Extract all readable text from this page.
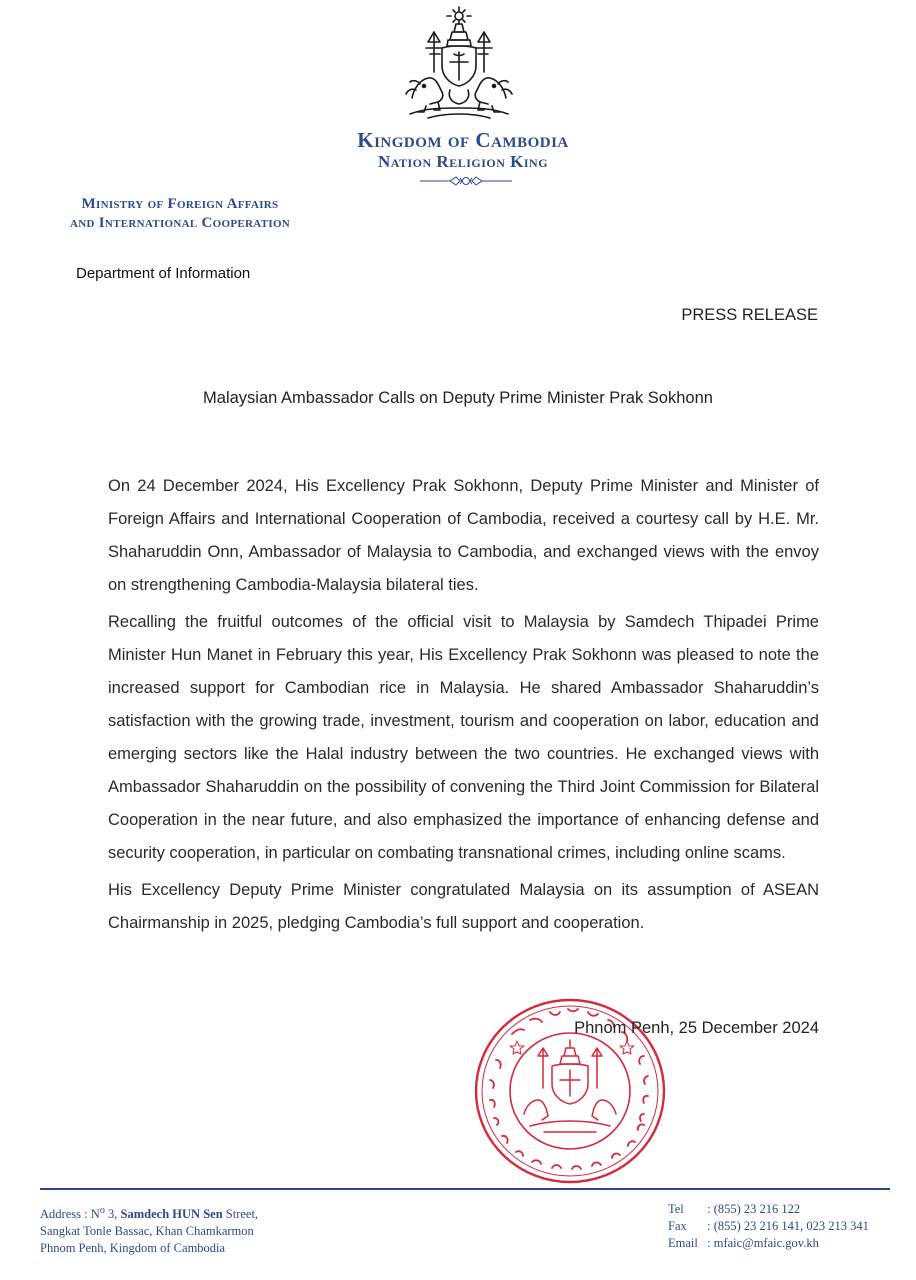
Kingdom of Cambodia
Nation Religion King
Ministry of Foreign Affairs
and International Cooperation
Department of Information
PRESS RELEASE
Malaysian Ambassador Calls on Deputy Prime Minister Prak Sokhonn

On 24 December 2024, His Excellency Prak Sokhonn, Deputy Prime Minister and Minister of Foreign Affairs and International Cooperation of Cambodia, received a courtesy call by H.E. Mr. Shaharuddin Onn, Ambassador of Malaysia to Cambodia, and exchanged views with the envoy on strengthening Cambodia-Malaysia bilateral ties.

Recalling the fruitful outcomes of the official visit to Malaysia by Samdech Thipadei Prime Minister Hun Manet in February this year, His Excellency Prak Sokhonn was pleased to note the increased support for Cambodian rice in Malaysia. He shared Ambassador Shaharuddin’s satisfaction with the growing trade, investment, tourism and cooperation on labor, education and emerging sectors like the Halal industry between the two countries. He exchanged views with Ambassador Shaharuddin on the possibility of convening the Third Joint Commission for Bilateral Cooperation in the near future, and also emphasized the importance of enhancing defense and security cooperation, in particular on combating transnational crimes, including online scams.

His Excellency Deputy Prime Minister congratulated Malaysia on its assumption of ASEAN Chairmanship in 2025, pledging Cambodia’s full support and cooperation.

Phnom Penh, 25 December 2024
Address : $N^o$ 3, Samdech HUN Sen Street,
Sangkat Tonle Bassac, Khan Chamkarmon
Phnom Penh, Kingdom of Cambodia
Tel : (855) 23 216 122
Fax : (855) 23 216 141, 023 213 341
Email : mfaic@mfaic.gov.kh
